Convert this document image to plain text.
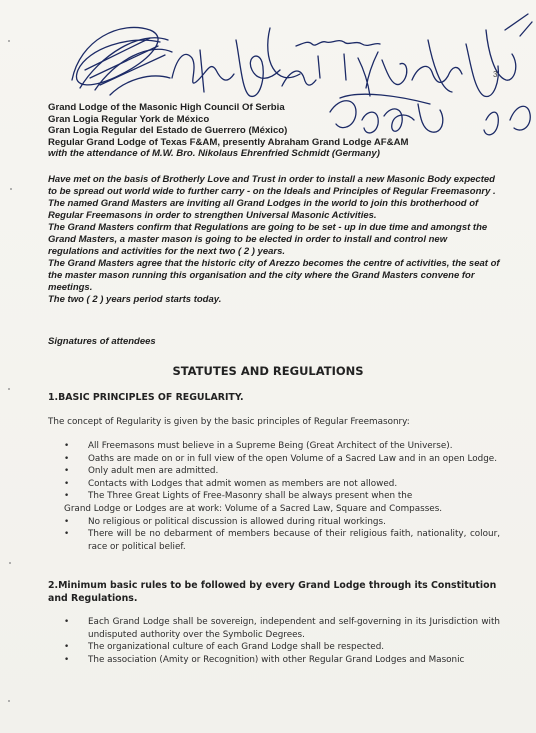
Grand Lodge of the Masonic High Council Of Serbia
Gran Logia Regular York de México
Gran Logia Regular del Estado de Guerrero (México)
Regular Grand Lodge of Texas F&AM, presently Abraham Grand Lodge AF&AM
with the attendance of M.W. Bro. Nikolaus Ehrenfried Schmidt (Germany)
3

Have met on the basis of Brotherly Love and Trust in order to install a new Masonic Body expected to be spread out world wide to further carry - on the Ideals and Principles of Regular Freemasonry . The named Grand Masters are inviting all Grand Lodges in the world to join this brotherhood of Regular Freemasons in order to strengthen Universal Masonic Activities.

The Grand Masters confirm that Regulations are going to be set - up in due time and amongst the Grand Masters, a master mason is going to be elected in order to install and control new regulations and activities for the next two ( 2 ) years.

The Grand Masters agree that the historic city of Arezzo becomes the centre of activities, the seat of the master mason running this organisation and the city where the Grand Masters convene for meetings.

The two ( 2 ) years period starts today.

Signatures of attendees
STATUTES AND REGULATIONS
1.BASIC PRINCIPLES OF REGULARITY.
The concept of Regularity is given by the basic principles of Regular Freemasonry:
• All Freemasons must believe in a Supreme Being (Great Architect of the Universe).
• Oaths are made on or in full view of the open Volume of a Sacred Law and in an open Lodge.
• Only adult men are admitted.
• Contacts with Lodges that admit women as members are not allowed.
• The Three Great Lights of Free-Masonry shall be always present when the
Grand Lodge or Lodges are at work: Volume of a Sacred Law, Square and Compasses.
• No religious or political discussion is allowed during ritual workings.
• There will be no debarment of members because of their religious faith, nationality, colour, race or political belief.
2.Minimum basic rules to be followed by every Grand Lodge through its Constitution and Regulations.
• Each Grand Lodge shall be sovereign, independent and self-governing in its Jurisdiction with undisputed authority over the Symbolic Degrees.
• The organizational culture of each Grand Lodge shall be respected.
• The association (Amity or Recognition) with other Regular Grand Lodges and Masonic
